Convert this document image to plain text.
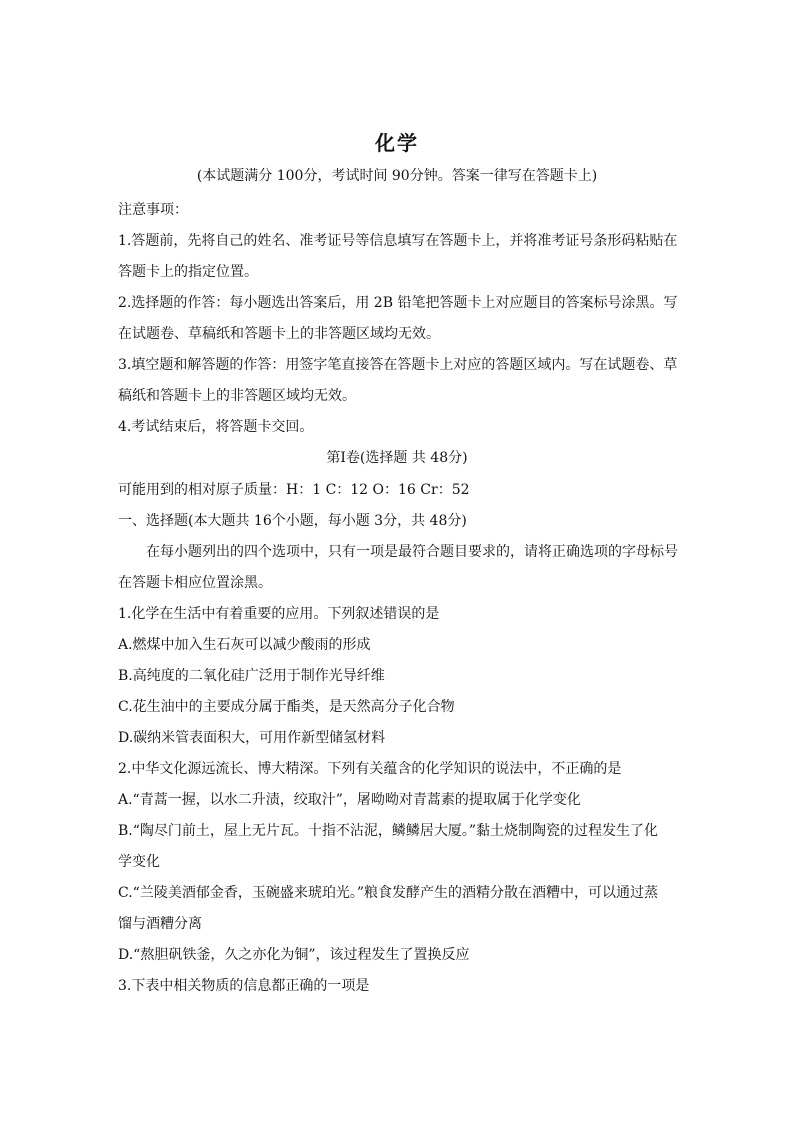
化学
(本试题满分 100分，考试时间 90分钟。答案一律写在答题卡上)
注意事项：
1.答题前，先将自己的姓名、准考证号等信息填写在答题卡上，并将准考证号条形码粘贴在
答题卡上的指定位置。
2.选择题的作答：每小题选出答案后，用 2B 铅笔把答题卡上对应题目的答案标号涂黑。写
在试题卷、草稿纸和答题卡上的非答题区域均无效。
3.填空题和解答题的作答：用签字笔直接答在答题卡上对应的答题区域内。写在试题卷、草
稿纸和答题卡上的非答题区域均无效。
4.考试结束后，将答题卡交回。
第Ⅰ卷(选择题 共 48分)
可能用到的相对原子质量：H：1 C：12 O：16 Cr：52
一、选择题(本大题共 16个小题，每小题 3分，共 48分)
在每小题列出的四个选项中，只有一项是最符合题目要求的，请将正确选项的字母标号
在答题卡相应位置涂黑。
1.化学在生活中有着重要的应用。下列叙述错误的是
A.燃煤中加入生石灰可以减少酸雨的形成
B.高纯度的二氧化硅广泛用于制作光导纤维
C.花生油中的主要成分属于酯类，是天然高分子化合物
D.碳纳米管表面积大，可用作新型储氢材料
2.中华文化源远流长、博大精深。下列有关蕴含的化学知识的说法中，不正确的是
A.“青蒿一握，以水二升渍，绞取汁”，屠呦呦对青蒿素的提取属于化学变化
B.“陶尽门前土，屋上无片瓦。十指不沾泥，鳞鳞居大厦。”黏土烧制陶瓷的过程发生了化
学变化
C.“兰陵美酒郁金香，玉碗盛来琥珀光。”粮食发酵产生的酒精分散在酒糟中，可以通过蒸
馏与酒糟分离
D.“熬胆矾铁釜，久之亦化为铜”，该过程发生了置换反应
3.下表中相关物质的信息都正确的一项是
